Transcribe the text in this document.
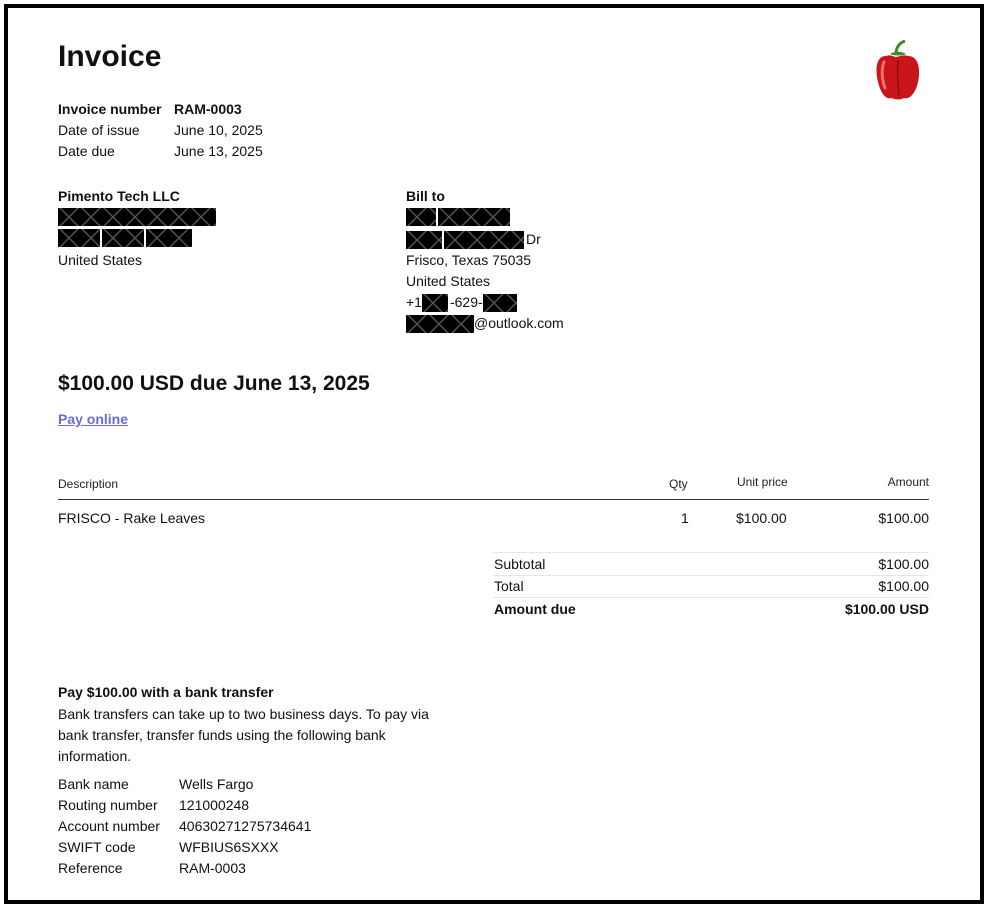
Invoice
Invoice number RAM-0003
Date of issue June 10, 2025
Date due	June 13, 2025
Pimento Tech LLC
United States
Bill to
Dr
Frisco, Texas 75035
United States
+1 -629-
@outlook.com
$100.00 USD due June 13, 2025
Pay online
Description	Qty	Unit price	Amount
FRISCO - Rake Leaves	1	$100.00	$100.00
Subtotal	$100.00
Total	$100.00
Amount due	$100.00 USD
Pay $100.00 with a bank transfer
Bank transfers can take up to two business days. To pay via
bank transfer, transfer funds using the following bank
information.
Bank name	Wells Fargo
Routing number 121000248
Account number 40630271275734641
SWIFT code	WFBIUS6SXXX
Reference	RAM-0003
